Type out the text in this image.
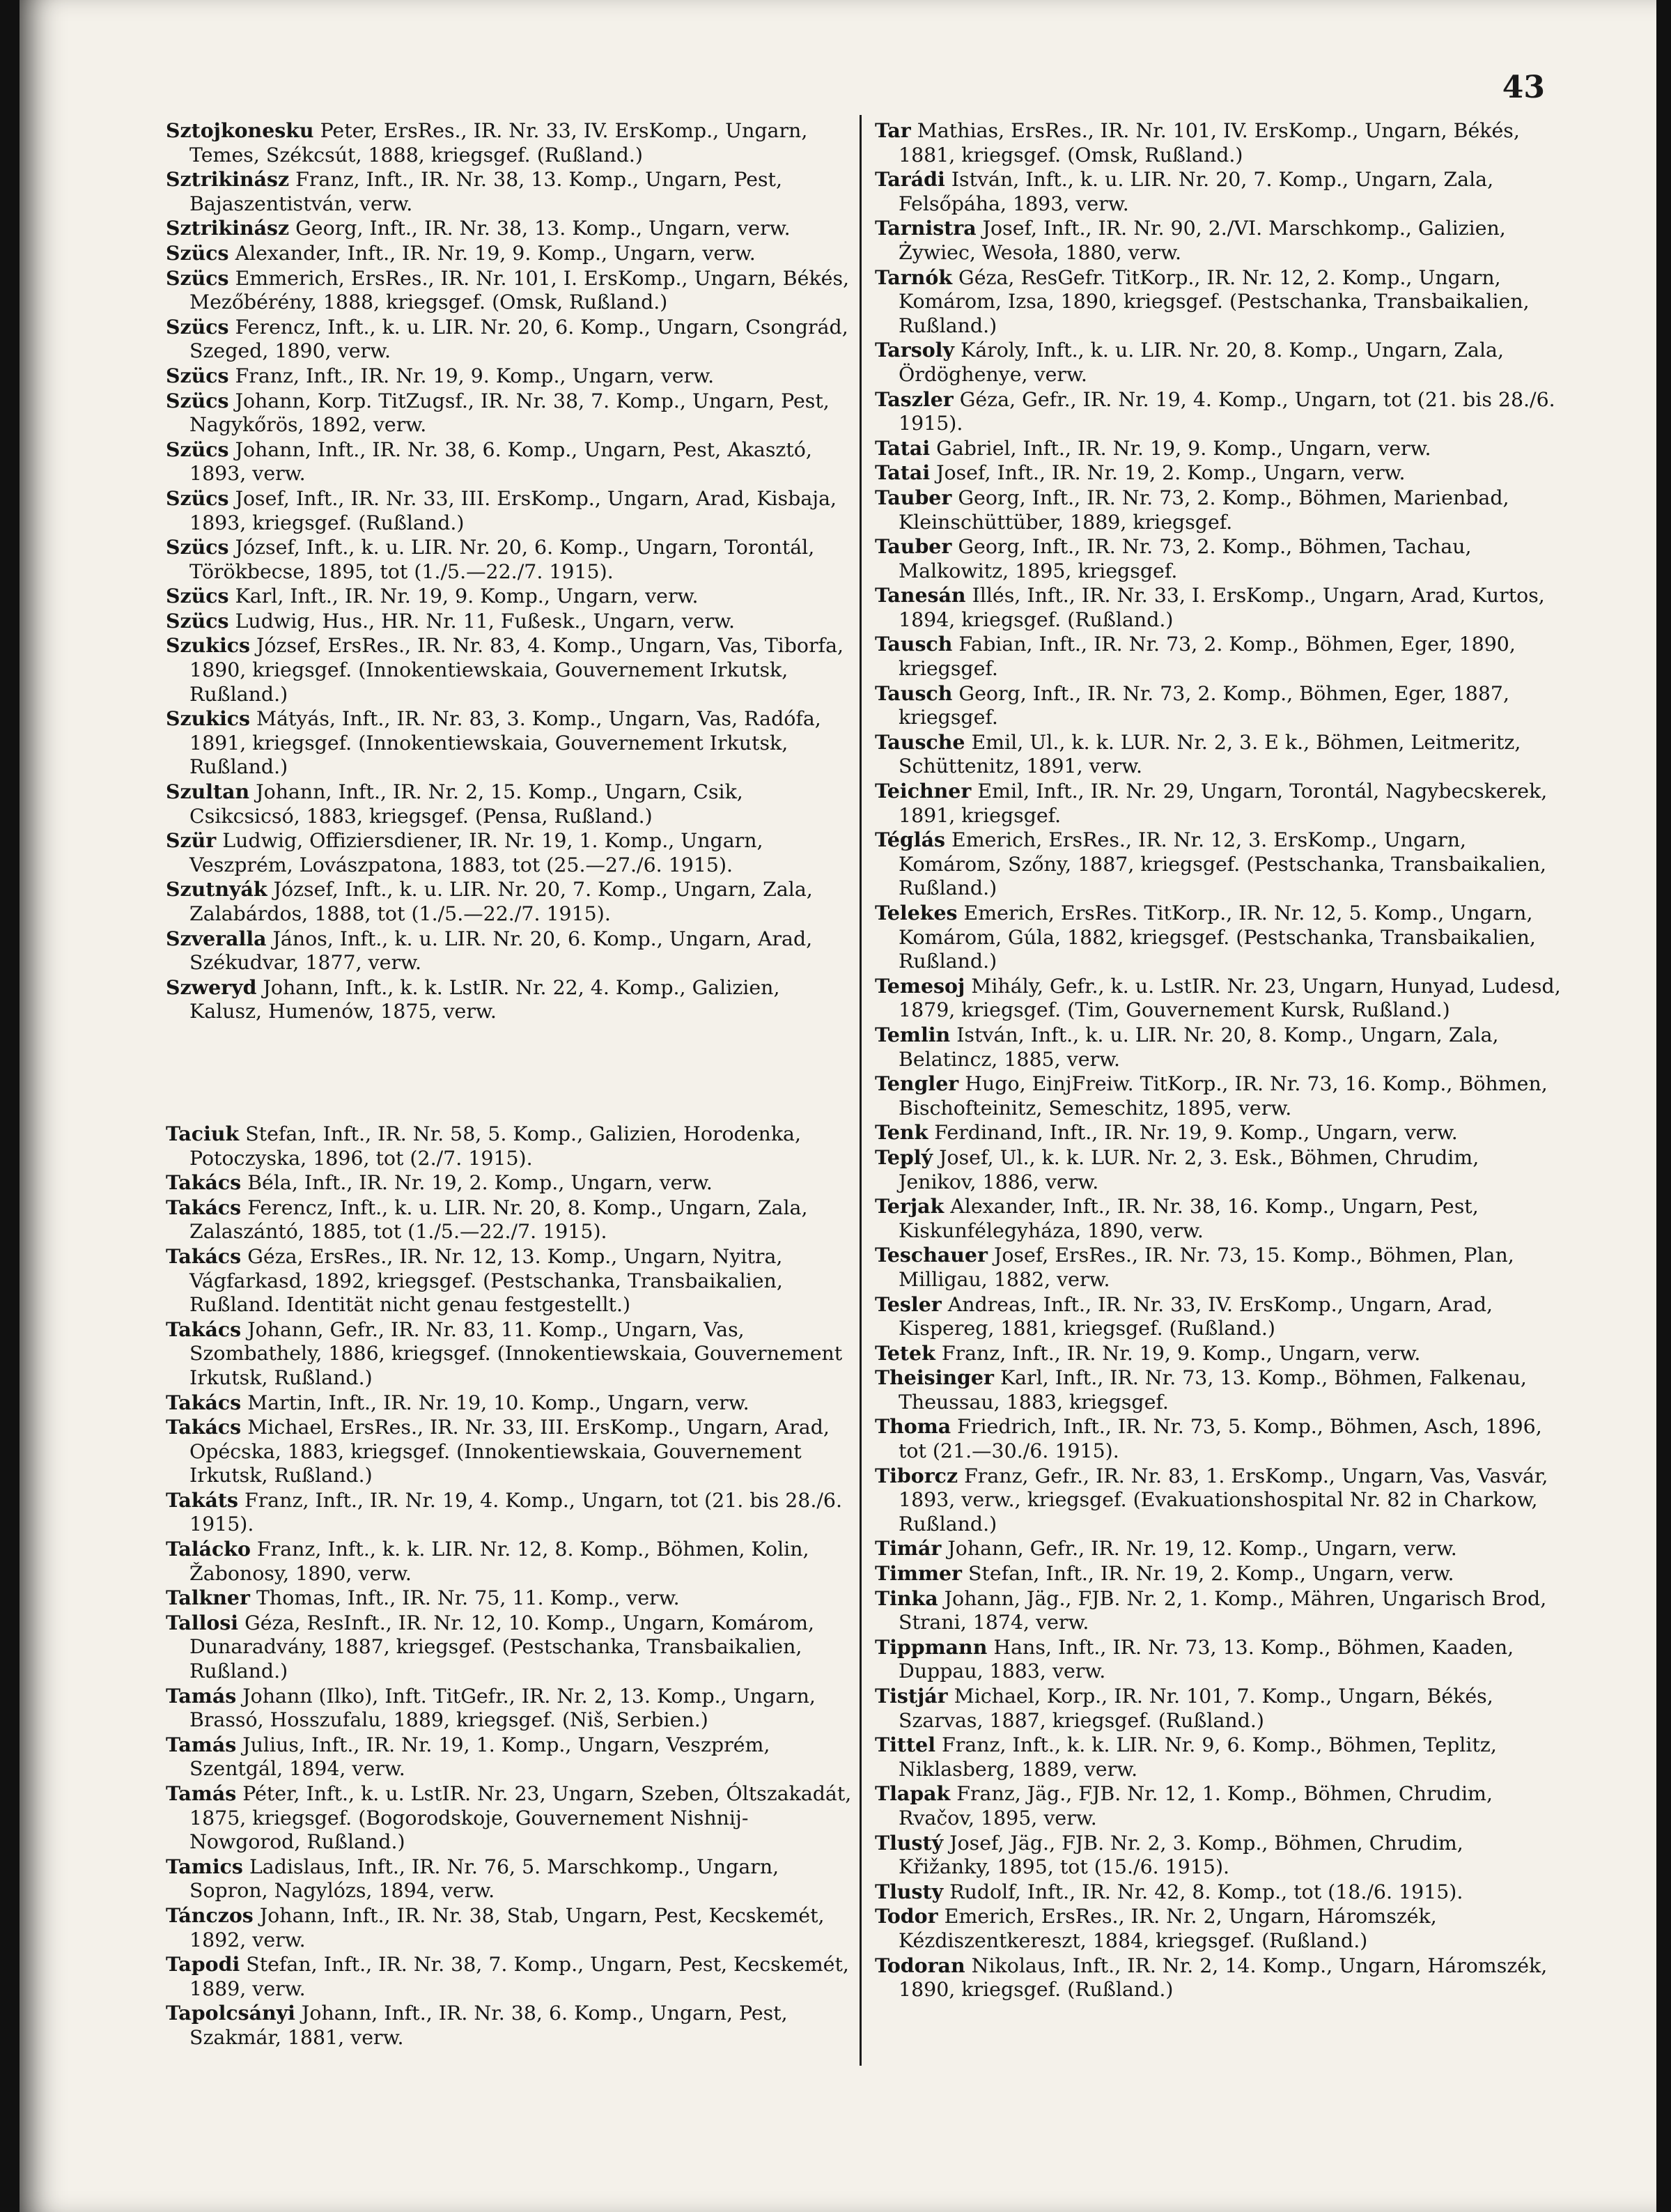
43

Sztojkonesku Peter, ErsRes., IR. Nr. 33, IV. ErsKomp., Ungarn, Temes, Székcsút, 1888, kriegsgef. (Rußland.)

Sztrikinász Franz, Inft., IR. Nr. 38, 13. Komp., Ungarn, Pest, Bajaszentistván, verw.

Sztrikinász Georg, Inft., IR. Nr. 38, 13. Komp., Ungarn, verw.

Szücs Alexander, Inft., IR. Nr. 19, 9. Komp., Ungarn, verw.

Szücs Emmerich, ErsRes., IR. Nr. 101, I. ErsKomp., Ungarn, Békés, Mezőbérény, 1888, kriegsgef. (Omsk, Rußland.)

Szücs Ferencz, Inft., k. u. LIR. Nr. 20, 6. Komp., Ungarn, Csongrád, Szeged, 1890, verw.

Szücs Franz, Inft., IR. Nr. 19, 9. Komp., Ungarn, verw.

Szücs Johann, Korp. TitZugsf., IR. Nr. 38, 7. Komp., Ungarn, Pest, Nagykőrös, 1892, verw.

Szücs Johann, Inft., IR. Nr. 38, 6. Komp., Ungarn, Pest, Akasztó, 1893, verw.

Szücs Josef, Inft., IR. Nr. 33, III. ErsKomp., Ungarn, Arad, Kisbaja, 1893, kriegsgef. (Rußland.)

Szücs József, Inft., k. u. LIR. Nr. 20, 6. Komp., Ungarn, Torontál, Törökbecse, 1895, tot (1./5.—22./7. 1915).

Szücs Karl, Inft., IR. Nr. 19, 9. Komp., Ungarn, verw.

Szücs Ludwig, Hus., HR. Nr. 11, Fußesk., Ungarn, verw.

Szukics József, ErsRes., IR. Nr. 83, 4. Komp., Ungarn, Vas, Tiborfa, 1890, kriegsgef. (Innokentiewskaia, Gouvernement Irkutsk, Rußland.)

Szukics Mátyás, Inft., IR. Nr. 83, 3. Komp., Ungarn, Vas, Radófa, 1891, kriegsgef. (Innokentiewskaia, Gouvernement Irkutsk, Rußland.)

Szultan Johann, Inft., IR. Nr. 2, 15. Komp., Ungarn, Csik, Csikcsicsó, 1883, kriegsgef. (Pensa, Rußland.)

Szür Ludwig, Offiziersdiener, IR. Nr. 19, 1. Komp., Ungarn, Veszprém, Lovászpatona, 1883, tot (25.—27./6. 1915).

Szutnyák József, Inft., k. u. LIR. Nr. 20, 7. Komp., Ungarn, Zala, Zalabárdos, 1888, tot (1./5.—22./7. 1915).

Szveralla János, Inft., k. u. LIR. Nr. 20, 6. Komp., Ungarn, Arad, Székudvar, 1877, verw.

Szweryd Johann, Inft., k. k. LstIR. Nr. 22, 4. Komp., Galizien, Kalusz, Humenów, 1875, verw.

Taciuk Stefan, Inft., IR. Nr. 58, 5. Komp., Galizien, Horodenka, Potoczyska, 1896, tot (2./7. 1915).

Takács Béla, Inft., IR. Nr. 19, 2. Komp., Ungarn, verw.

Takács Ferencz, Inft., k. u. LIR. Nr. 20, 8. Komp., Ungarn, Zala, Zalaszántó, 1885, tot (1./5.—22./7. 1915).

Takács Géza, ErsRes., IR. Nr. 12, 13. Komp., Ungarn, Nyitra, Vágfarkasd, 1892, kriegsgef. (Pestschanka, Transbaikalien, Rußland. Identität nicht genau festgestellt.)

Takács Johann, Gefr., IR. Nr. 83, 11. Komp., Ungarn, Vas, Szombathely, 1886, kriegsgef. (Innokentiewskaia, Gouvernement Irkutsk, Rußland.)

Takács Martin, Inft., IR. Nr. 19, 10. Komp., Ungarn, verw.

Takács Michael, ErsRes., IR. Nr. 33, III. ErsKomp., Ungarn, Arad, Opécska, 1883, kriegsgef. (Innokentiewskaia, Gouvernement Irkutsk, Rußland.)

Takáts Franz, Inft., IR. Nr. 19, 4. Komp., Ungarn, tot (21. bis 28./6. 1915).

Talácko Franz, Inft., k. k. LIR. Nr. 12, 8. Komp., Böhmen, Kolin, Žabonosy, 1890, verw.

Talkner Thomas, Inft., IR. Nr. 75, 11. Komp., verw.

Tallosi Géza, ResInft., IR. Nr. 12, 10. Komp., Ungarn, Komárom, Dunaradvány, 1887, kriegsgef. (Pestschanka, Transbaikalien, Rußland.)

Tamás Johann (Ilko), Inft. TitGefr., IR. Nr. 2, 13. Komp., Ungarn, Brassó, Hosszufalu, 1889, kriegsgef. (Niš, Serbien.)

Tamás Julius, Inft., IR. Nr. 19, 1. Komp., Ungarn, Veszprém, Szentgál, 1894, verw.

Tamás Péter, Inft., k. u. LstIR. Nr. 23, Ungarn, Szeben, Óltszakadát, 1875, kriegsgef. (Bogorodskoje, Gouvernement Nishnij-Nowgorod, Rußland.)

Tamics Ladislaus, Inft., IR. Nr. 76, 5. Marschkomp., Ungarn, Sopron, Nagylózs, 1894, verw.

Tánczos Johann, Inft., IR. Nr. 38, Stab, Ungarn, Pest, Kecskemét, 1892, verw.

Tapodi Stefan, Inft., IR. Nr. 38, 7. Komp., Ungarn, Pest, Kecskemét, 1889, verw.

Tapolcsányi Johann, Inft., IR. Nr. 38, 6. Komp., Ungarn, Pest, Szakmár, 1881, verw.

Tar Mathias, ErsRes., IR. Nr. 101, IV. ErsKomp., Ungarn, Békés, 1881, kriegsgef. (Omsk, Rußland.)

Tarádi István, Inft., k. u. LIR. Nr. 20, 7. Komp., Ungarn, Zala, Felsőpáha, 1893, verw.

Tarnistra Josef, Inft., IR. Nr. 90, 2./VI. Marschkomp., Galizien, Żywiec, Wesoła, 1880, verw.

Tarnók Géza, ResGefr. TitKorp., IR. Nr. 12, 2. Komp., Ungarn, Komárom, Izsa, 1890, kriegsgef. (Pestschanka, Transbaikalien, Rußland.)

Tarsoly Károly, Inft., k. u. LIR. Nr. 20, 8. Komp., Ungarn, Zala, Ördöghenye, verw.

Taszler Géza, Gefr., IR. Nr. 19, 4. Komp., Ungarn, tot (21. bis 28./6. 1915).

Tatai Gabriel, Inft., IR. Nr. 19, 9. Komp., Ungarn, verw.

Tatai Josef, Inft., IR. Nr. 19, 2. Komp., Ungarn, verw.

Tauber Georg, Inft., IR. Nr. 73, 2. Komp., Böhmen, Marienbad, Kleinschüttüber, 1889, kriegsgef.

Tauber Georg, Inft., IR. Nr. 73, 2. Komp., Böhmen, Tachau, Malkowitz, 1895, kriegsgef.

Tanesán Illés, Inft., IR. Nr. 33, I. ErsKomp., Ungarn, Arad, Kurtos, 1894, kriegsgef. (Rußland.)

Tausch Fabian, Inft., IR. Nr. 73, 2. Komp., Böhmen, Eger, 1890, kriegsgef.

Tausch Georg, Inft., IR. Nr. 73, 2. Komp., Böhmen, Eger, 1887, kriegsgef.

Tausche Emil, Ul., k. k. LUR. Nr. 2, 3. E k., Böhmen, Leitmeritz, Schüttenitz, 1891, verw.

Teichner Emil, Inft., IR. Nr. 29, Ungarn, Torontál, Nagybecskerek, 1891, kriegsgef.

Téglás Emerich, ErsRes., IR. Nr. 12, 3. ErsKomp., Ungarn, Komárom, Szőny, 1887, kriegsgef. (Pestschanka, Transbaikalien, Rußland.)

Telekes Emerich, ErsRes. TitKorp., IR. Nr. 12, 5. Komp., Ungarn, Komárom, Gúla, 1882, kriegsgef. (Pestschanka, Transbaikalien, Rußland.)

Temesoj Mihály, Gefr., k. u. LstIR. Nr. 23, Ungarn, Hunyad, Ludesd, 1879, kriegsgef. (Tim, Gouvernement Kursk, Rußland.)

Temlin István, Inft., k. u. LIR. Nr. 20, 8. Komp., Ungarn, Zala, Belatincz, 1885, verw.

Tengler Hugo, EinjFreiw. TitKorp., IR. Nr. 73, 16. Komp., Böhmen, Bischofteinitz, Semeschitz, 1895, verw.

Tenk Ferdinand, Inft., IR. Nr. 19, 9. Komp., Ungarn, verw.

Teplý Josef, Ul., k. k. LUR. Nr. 2, 3. Esk., Böhmen, Chrudim, Jenikov, 1886, verw.

Terjak Alexander, Inft., IR. Nr. 38, 16. Komp., Ungarn, Pest, Kiskunfélegyháza, 1890, verw.

Teschauer Josef, ErsRes., IR. Nr. 73, 15. Komp., Böhmen, Plan, Milligau, 1882, verw.

Tesler Andreas, Inft., IR. Nr. 33, IV. ErsKomp., Ungarn, Arad, Kispereg, 1881, kriegsgef. (Rußland.)

Tetek Franz, Inft., IR. Nr. 19, 9. Komp., Ungarn, verw.

Theisinger Karl, Inft., IR. Nr. 73, 13. Komp., Böhmen, Falkenau, Theussau, 1883, kriegsgef.

Thoma Friedrich, Inft., IR. Nr. 73, 5. Komp., Böhmen, Asch, 1896, tot (21.—30./6. 1915).

Tiborcz Franz, Gefr., IR. Nr. 83, 1. ErsKomp., Ungarn, Vas, Vasvár, 1893, verw., kriegsgef. (Evakuationshospital Nr. 82 in Charkow, Rußland.)

Timár Johann, Gefr., IR. Nr. 19, 12. Komp., Ungarn, verw.

Timmer Stefan, Inft., IR. Nr. 19, 2. Komp., Ungarn, verw.

Tinka Johann, Jäg., FJB. Nr. 2, 1. Komp., Mähren, Ungarisch Brod, Strani, 1874, verw.

Tippmann Hans, Inft., IR. Nr. 73, 13. Komp., Böhmen, Kaaden, Duppau, 1883, verw.

Tistjár Michael, Korp., IR. Nr. 101, 7. Komp., Ungarn, Békés, Szarvas, 1887, kriegsgef. (Rußland.)

Tittel Franz, Inft., k. k. LIR. Nr. 9, 6. Komp., Böhmen, Teplitz, Niklasberg, 1889, verw.

Tlapak Franz, Jäg., FJB. Nr. 12, 1. Komp., Böhmen, Chrudim, Rvačov, 1895, verw.

Tlustý Josef, Jäg., FJB. Nr. 2, 3. Komp., Böhmen, Chrudim, Křižanky, 1895, tot (15./6. 1915).

Tlusty Rudolf, Inft., IR. Nr. 42, 8. Komp., tot (18./6. 1915).

Todor Emerich, ErsRes., IR. Nr. 2, Ungarn, Háromszék, Kézdiszentkereszt, 1884, kriegsgef. (Rußland.)

Todoran Nikolaus, Inft., IR. Nr. 2, 14. Komp., Ungarn, Háromszék, 1890, kriegsgef. (Rußland.)
